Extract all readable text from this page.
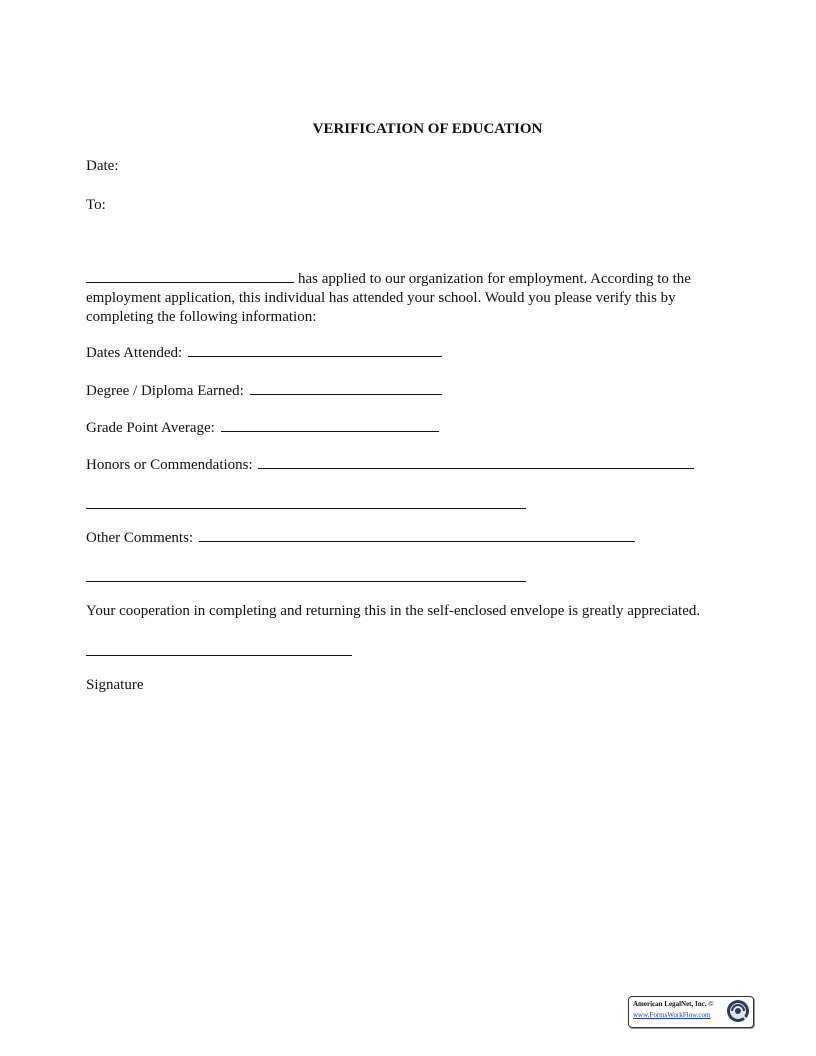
VERIFICATION OF EDUCATION
Date:
To:
has applied to our organization for employment. According to the employment application, this individual has attended your school. Would you please verify this by completing the following information:
Dates Attended:
Degree / Diploma Earned:
Grade Point Average:
Honors or Commendations:
Other Comments:
Your cooperation in completing and returning this in the self-enclosed envelope is greatly appreciated.
Signature
American LegalNet, Inc. ©
www.FormsWorkFlow.com
